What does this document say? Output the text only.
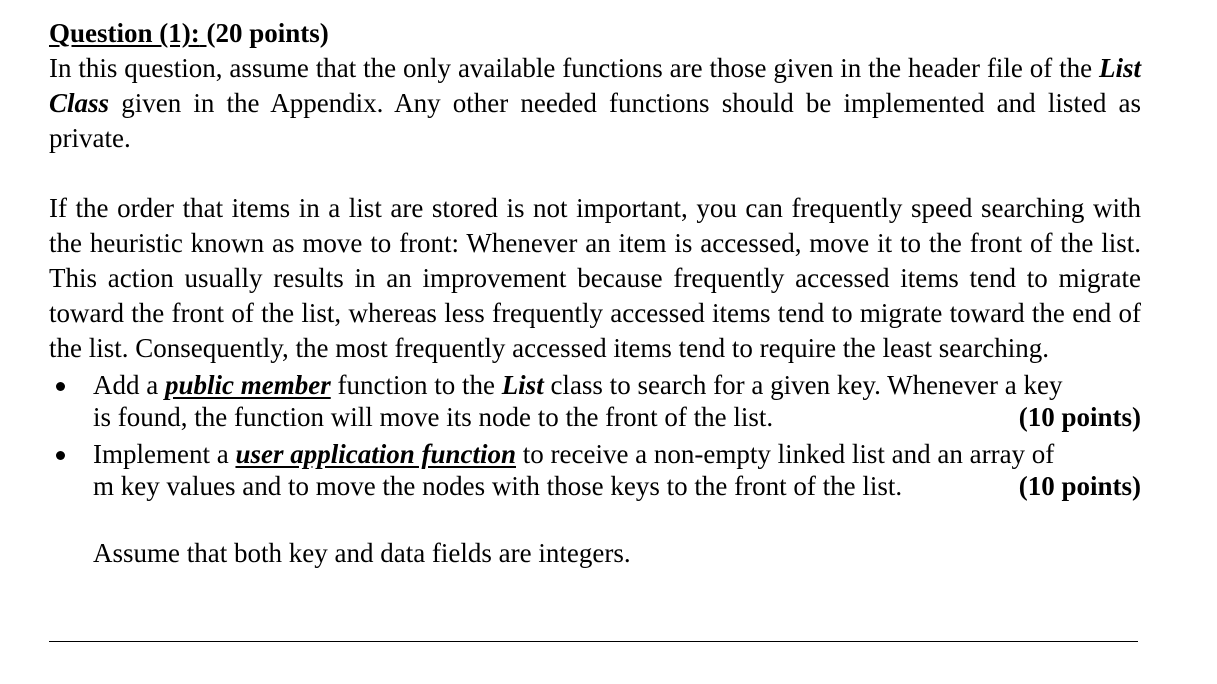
Question (1): (20 points)

In this question, assume that the only available functions are those given in the header file of the List Class given in the Appendix. Any other needed functions should be implemented and listed as private.

If the order that items in a list are stored is not important, you can frequently speed searching with the heuristic known as move to front: Whenever an item is accessed, move it to the front of the list. This action usually results in an improvement because frequently accessed items tend to migrate toward the front of the list, whereas less frequently accessed items tend to migrate toward the end of the list. Consequently, the most frequently accessed items tend to require the least searching.

Add a public member function to the List class to search for a given key. Whenever a key
is found, the function will move its node to the front of the list.	(10 points)
Implement a user application function to receive a non-empty linked list and an array of
m key values and to move the nodes with those keys to the front of the list.	(10 points)

Assume that both key and data fields are integers.
